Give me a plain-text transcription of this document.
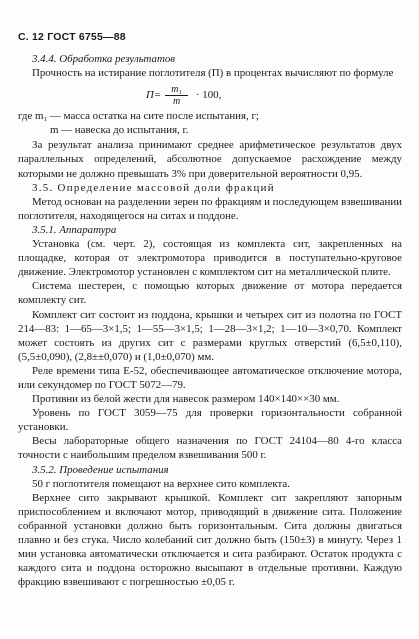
С. 12 ГОСТ 6755—88

3.4.4. Обработка результатов

Прочность на истирание поглотителя (П) в процентах вычисляют по формуле

$П= \frac{\text{m₁}}{m} \cdot 100$,
где m₁ — масса остатка на сите после испытания, г;
m — навеска до испытания, г.

За результат анализа принимают среднее арифметическое результатов двух параллельных определений, абсолютное допускаемое расхождение между которыми не должно превышать 3% при доверительной вероятности 0,95.

3.5. Определение массовой доли фракций

Метод основан на разделении зерен по фракциям и последующем взвешивании поглотителя, находящегося на ситах и поддоне.

3.5.1. Аппаратура

Установка (см. черт. 2), состоящая из комплекта сит, закрепленных на площадке, которая от электромотора приводится в поступательно-круговое движение. Электромотор установлен с комплектом сит на металлической плите.

Система шестерен, с помощью которых движение от мотора передается комплекту сит.

Комплект сит состоит из поддона, крышки и четырех сит из полотна по ГОСТ 214—83: 1—65—3×1,5; 1—55—3×1,5; 1—28—3×1,2; 1—10—3×0,70. Комплект может состоять из других сит с размерами круглых отверстий (6,5±0,110), (5,5±0,090), (2,8±±0,070) и (1,0±0,070) мм.

Реле времени типа Е-52, обеспечивающее автоматическое отключение мотора, или секундомер по ГОСТ 5072—79.

Противни из белой жести для навесок размером 140×140××30 мм.

Уровень по ГОСТ 3059—75 для проверки горизонтальности собранной установки.

Весы лабораторные общего назначения по ГОСТ 24104—80 4-го класса точности с наибольшим пределом взвешивания 500 г.

3.5.2. Проведение испытания

50 г поглотителя помещают на верхнее сито комплекта.

Верхнее сито закрывают крышкой. Комплект сит закрепляют запорным приспособлением и включают мотор, приводящий в движение сита. Положение собранной установки должно быть горизонтальным. Сита должны двигаться плавно и без стука. Число колебаний сит должно быть (150±3) в минуту. Через 1 мин установка автоматически отключается и сита разбирают. Остаток продукта с каждого сита и поддона осторожно высыпают в отдельные противни. Каждую фракцию взвешивают с погрешностью ±0,05 г.
